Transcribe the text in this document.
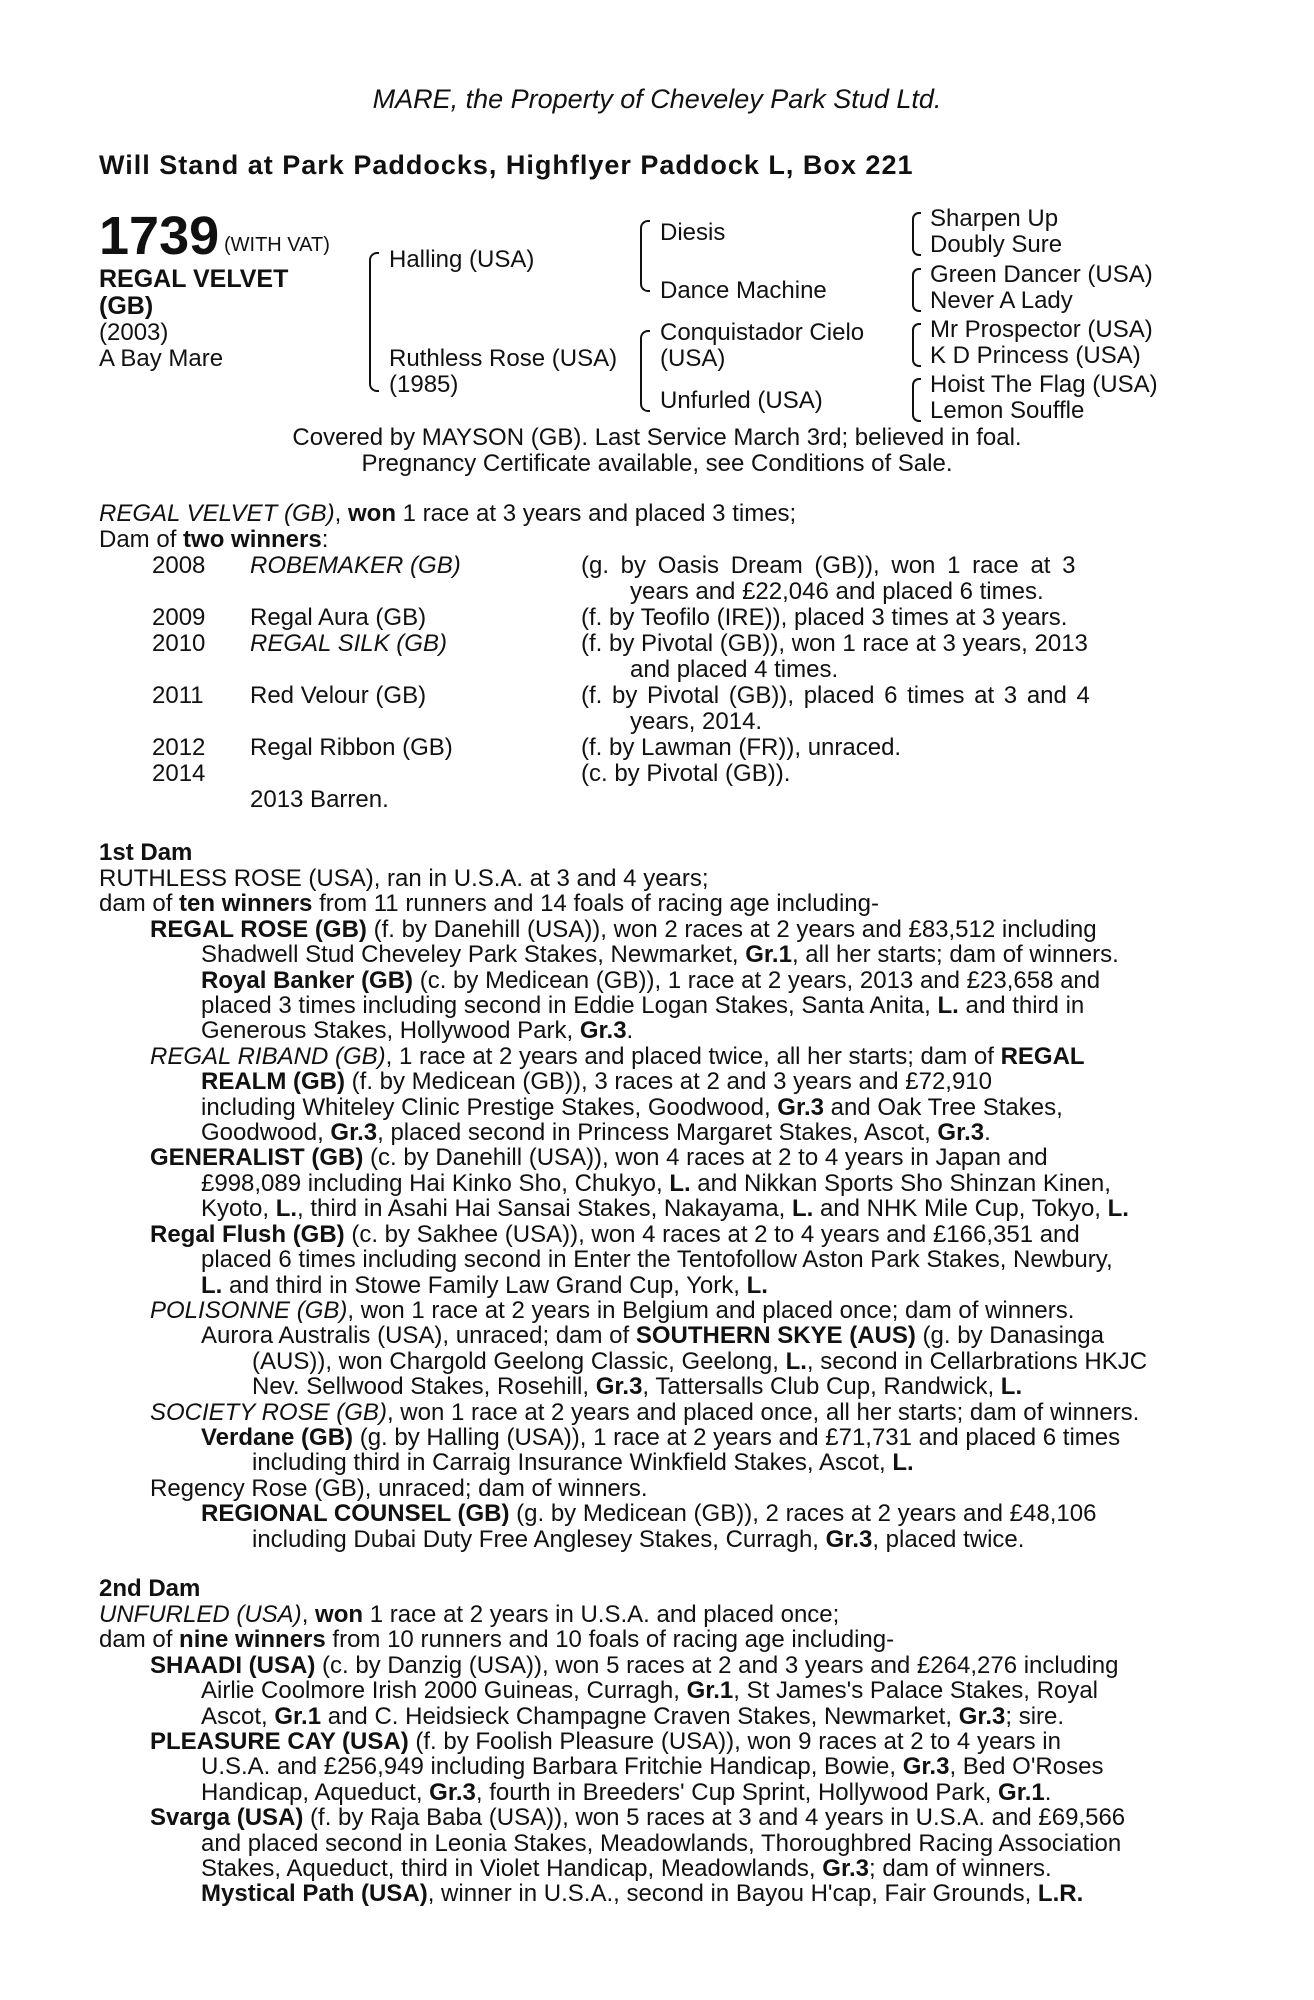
MARE, the Property of Cheveley Park Stud Ltd.
Will Stand at Park Paddocks, Highflyer Paddock L, Box 221
1739 (WITH VAT)
REGAL VELVET
(GB)
(2003)
A Bay Mare
Halling (USA)
Ruthless Rose (USA)
(1985)
Diesis
Dance Machine
Conquistador Cielo
(USA)
Unfurled (USA)
Sharpen Up
Doubly Sure
Green Dancer (USA)
Never A Lady
Mr Prospector (USA)
K D Princess (USA)
Hoist The Flag (USA)
Lemon Souffle
Covered by MAYSON (GB). Last Service March 3rd; believed in foal.
Pregnancy Certificate available, see Conditions of Sale.
REGAL VELVET (GB), won 1 race at 3 years and placed 3 times;
Dam of two winners:
2008 ROBEMAKER (GB)	(g. by Oasis Dream (GB)), won 1 race at 3
years and £22,046 and placed 6 times.
2009 Regal Aura (GB)	(f. by Teofilo (IRE)), placed 3 times at 3 years.
2010 REGAL SILK (GB)	(f. by Pivotal (GB)), won 1 race at 3 years, 2013
and placed 4 times.
2011 Red Velour (GB)	(f. by Pivotal (GB)), placed 6 times at 3 and 4
years, 2014.
2012 Regal Ribbon (GB)	(f. by Lawman (FR)), unraced.
2014	(c. by Pivotal (GB)).
2013 Barren.
1st Dam
RUTHLESS ROSE (USA), ran in U.S.A. at 3 and 4 years;
dam of ten winners from 11 runners and 14 foals of racing age including-
REGAL ROSE (GB) (f. by Danehill (USA)), won 2 races at 2 years and £83,512 including
Shadwell Stud Cheveley Park Stakes, Newmarket, Gr.1, all her starts; dam of winners.
Royal Banker (GB) (c. by Medicean (GB)), 1 race at 2 years, 2013 and £23,658 and
placed 3 times including second in Eddie Logan Stakes, Santa Anita, L. and third in
Generous Stakes, Hollywood Park, Gr.3.
REGAL RIBAND (GB), 1 race at 2 years and placed twice, all her starts; dam of REGAL
REALM (GB) (f. by Medicean (GB)), 3 races at 2 and 3 years and £72,910
including Whiteley Clinic Prestige Stakes, Goodwood, Gr.3 and Oak Tree Stakes,
Goodwood, Gr.3, placed second in Princess Margaret Stakes, Ascot, Gr.3.
GENERALIST (GB) (c. by Danehill (USA)), won 4 races at 2 to 4 years in Japan and
£998,089 including Hai Kinko Sho, Chukyo, L. and Nikkan Sports Sho Shinzan Kinen,
Kyoto, L., third in Asahi Hai Sansai Stakes, Nakayama, L. and NHK Mile Cup, Tokyo, L.
Regal Flush (GB) (c. by Sakhee (USA)), won 4 races at 2 to 4 years and £166,351 and
placed 6 times including second in Enter the Tentofollow Aston Park Stakes, Newbury,
L. and third in Stowe Family Law Grand Cup, York, L.
POLISONNE (GB), won 1 race at 2 years in Belgium and placed once; dam of winners.
Aurora Australis (USA), unraced; dam of SOUTHERN SKYE (AUS) (g. by Danasinga
(AUS)), won Chargold Geelong Classic, Geelong, L., second in Cellarbrations HKJC
Nev. Sellwood Stakes, Rosehill, Gr.3, Tattersalls Club Cup, Randwick, L.
SOCIETY ROSE (GB), won 1 race at 2 years and placed once, all her starts; dam of winners.
Verdane (GB) (g. by Halling (USA)), 1 race at 2 years and £71,731 and placed 6 times
including third in Carraig Insurance Winkfield Stakes, Ascot, L.
Regency Rose (GB), unraced; dam of winners.
REGIONAL COUNSEL (GB) (g. by Medicean (GB)), 2 races at 2 years and £48,106
including Dubai Duty Free Anglesey Stakes, Curragh, Gr.3, placed twice.
2nd Dam
UNFURLED (USA), won 1 race at 2 years in U.S.A. and placed once;
dam of nine winners from 10 runners and 10 foals of racing age including-
SHAADI (USA) (c. by Danzig (USA)), won 5 races at 2 and 3 years and £264,276 including
Airlie Coolmore Irish 2000 Guineas, Curragh, Gr.1, St James's Palace Stakes, Royal
Ascot, Gr.1 and C. Heidsieck Champagne Craven Stakes, Newmarket, Gr.3; sire.
PLEASURE CAY (USA) (f. by Foolish Pleasure (USA)), won 9 races at 2 to 4 years in
U.S.A. and £256,949 including Barbara Fritchie Handicap, Bowie, Gr.3, Bed O'Roses
Handicap, Aqueduct, Gr.3, fourth in Breeders' Cup Sprint, Hollywood Park, Gr.1.
Svarga (USA) (f. by Raja Baba (USA)), won 5 races at 3 and 4 years in U.S.A. and £69,566
and placed second in Leonia Stakes, Meadowlands, Thoroughbred Racing Association
Stakes, Aqueduct, third in Violet Handicap, Meadowlands, Gr.3; dam of winners.
Mystical Path (USA), winner in U.S.A., second in Bayou H'cap, Fair Grounds, L.R.
